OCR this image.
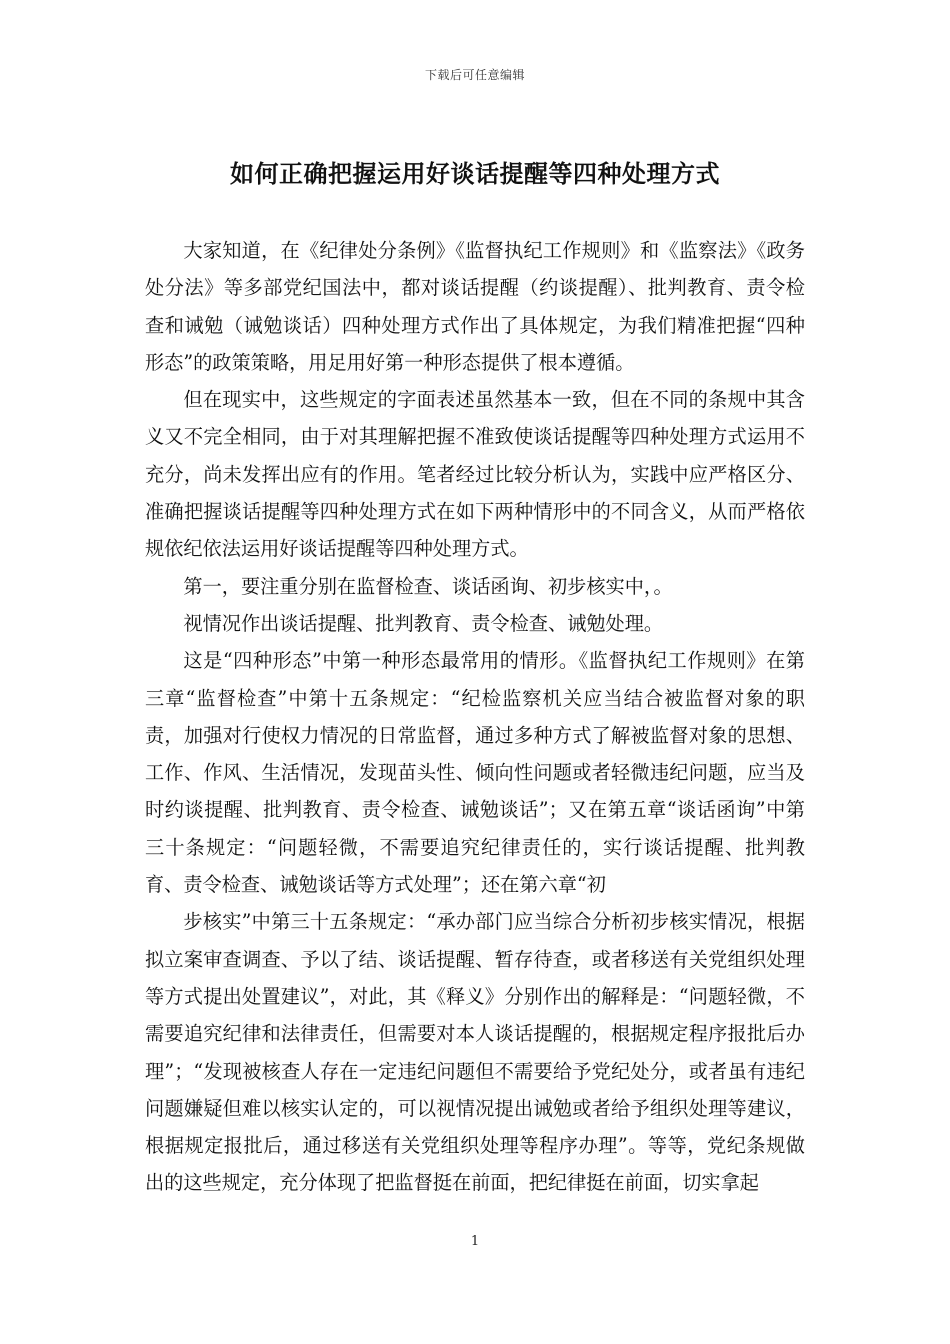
下载后可任意编辑
如何正确把握运用好谈话提醒等四种处理方式

大家知道，在《纪律处分条例》《监督执纪工作规则》和《监察法》《政务处分法》等多部党纪国法中，都对谈话提醒（约谈提醒）、批判教育、责令检查和诫勉（诫勉谈话）四种处理方式作出了具体规定，为我们精准把握“四种形态”的政策策略，用足用好第一种形态提供了根本遵循。

但在现实中，这些规定的字面表述虽然基本一致，但在不同的条规中其含义又不完全相同，由于对其理解把握不准致使谈话提醒等四种处理方式运用不充分，尚未发挥出应有的作用。笔者经过比较分析认为，实践中应严格区分、准确把握谈话提醒等四种处理方式在如下两种情形中的不同含义，从而严格依规依纪依法运用好谈话提醒等四种处理方式。

第一，要注重分别在监督检查、谈话函询、初步核实中，。

视情况作出谈话提醒、批判教育、责令检查、诫勉处理。

这是“四种形态”中第一种形态最常用的情形。《监督执纪工作规则》在第三章“监督检查”中第十五条规定：“纪检监察机关应当结合被监督对象的职责，加强对行使权力情况的日常监督，通过多种方式了解被监督对象的思想、工作、作风、生活情况，发现苗头性、倾向性问题或者轻微违纪问题，应当及时约谈提醒、批判教育、责令检查、诫勉谈话”；又在第五章“谈话函询”中第三十条规定：“问题轻微，不需要追究纪律责任的，实行谈话提醒、批判教育、责令检查、诫勉谈话等方式处理”；还在第六章“初

步核实”中第三十五条规定：“承办部门应当综合分析初步核实情况，根据拟立案审查调查、予以了结、谈话提醒、暂存待查，或者移送有关党组织处理等方式提出处置建议”，对此，其《释义》分别作出的解释是：“问题轻微，不需要追究纪律和法律责任，但需要对本人谈话提醒的，根据规定程序报批后办理”；“发现被核查人存在一定违纪问题但不需要给予党纪处分，或者虽有违纪问题嫌疑但难以核实认定的，可以视情况提出诫勉或者给予组织处理等建议，根据规定报批后，通过移送有关党组织处理等程序办理”。等等，党纪条规做出的这些规定，充分体现了把监督挺在前面，把纪律挺在前面，切实拿起

1
